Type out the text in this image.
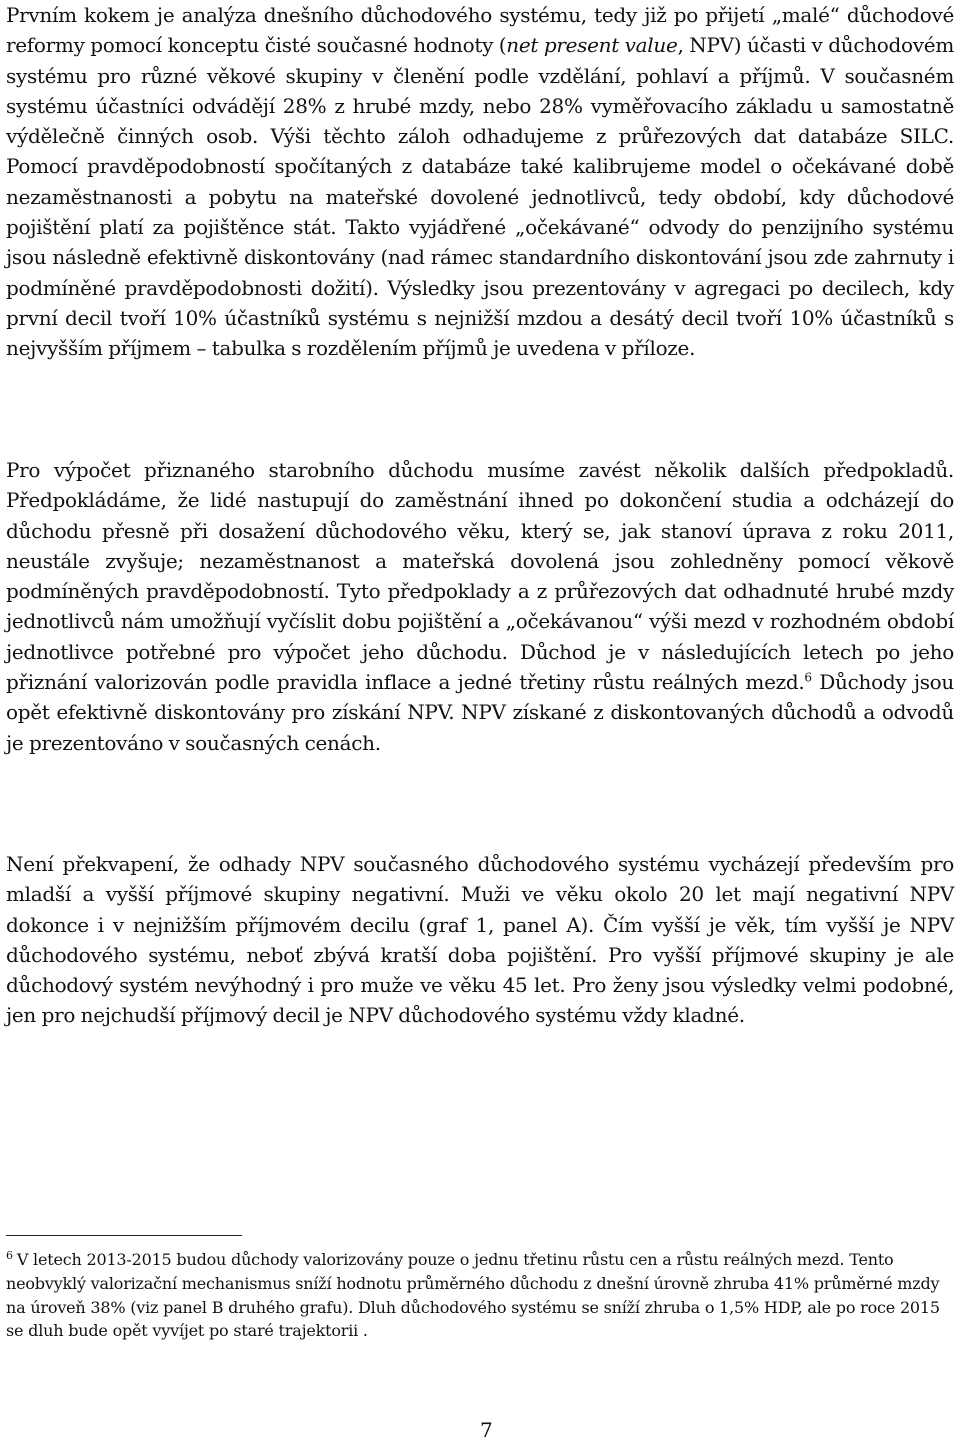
Prvním kokem je analýza dnešního důchodového systému, tedy již po přijetí „malé“ důchodové reformy pomocí konceptu čisté současné hodnoty (net present value, NPV) účasti v důchodovém systému pro různé věkové skupiny v členění podle vzdělání, pohlaví a příjmů. V současném systému účastníci odvádějí 28% z hrubé mzdy, nebo 28% vyměřovacího základu u samostatně výdělečně činných osob. Výši těchto záloh odhadujeme z průřezových dat databáze SILC. Pomocí pravděpodobností spočítaných z databáze také kalibrujeme model o očekávané době nezaměstnanosti a pobytu na mateřské dovolené jednotlivců, tedy období, kdy důchodové pojištění platí za pojištěnce stát. Takto vyjádřené „očekávané“ odvody do penzijního systému jsou následně efektivně diskontovány (nad rámec standardního diskontování jsou zde zahrnuty i podmíněné pravděpodobnosti dožití). Výsledky jsou prezentovány v agregaci po decilech, kdy první decil tvoří 10% účastníků systému s nejnižší mzdou a desátý decil tvoří 10% účastníků s nejvyšším příjmem – tabulka s rozdělením příjmů je uvedena v příloze.

Pro výpočet přiznaného starobního důchodu musíme zavést několik dalších předpokladů. Předpokládáme, že lidé nastupují do zaměstnání ihned po dokončení studia a odcházejí do důchodu přesně při dosažení důchodového věku, který se, jak stanoví úprava z roku 2011, neustále zvyšuje; nezaměstnanost a mateřská dovolená jsou zohledněny pomocí věkově podmíněných pravděpodobností. Tyto předpoklady a z průřezových dat odhadnuté hrubé mzdy jednotlivců nám umožňují vyčíslit dobu pojištění a „očekávanou“ výši mezd v rozhodném období jednotlivce potřebné pro výpočet jeho důchodu. Důchod je v následujících letech po jeho přiznání valorizován podle pravidla inflace a jedné třetiny růstu reálných mezd.$^6$ Důchody jsou opět efektivně diskontovány pro získání NPV. NPV získané z diskontovaných důchodů a odvodů je prezentováno v současných cenách.

Není překvapení, že odhady NPV současného důchodového systému vycházejí především pro mladší a vyšší příjmové skupiny negativní. Muži ve věku okolo 20 let mají negativní NPV dokonce i v nejnižším příjmovém decilu (graf 1, panel A). Čím vyšší je věk, tím vyšší je NPV důchodového systému, neboť zbývá kratší doba pojištění. Pro vyšší příjmové skupiny je ale důchodový systém nevýhodný i pro muže ve věku 45 let. Pro ženy jsou výsledky velmi podobné, jen pro nejchudší příjmový decil je NPV důchodového systému vždy kladné.

$^6$ V letech 2013-2015 budou důchody valorizovány pouze o jednu třetinu růstu cen a růstu reálných mezd. Tento neobvyklý valorizační mechanismus sníží hodnotu průměrného důchodu z dnešní úrovně zhruba 41% průměrné mzdy na úroveň 38% (viz panel B druhého grafu). Dluh důchodového systému se sníží zhruba o 1,5% HDP, ale po roce 2015 se dluh bude opět vyvíjet po staré trajektorii .

7
